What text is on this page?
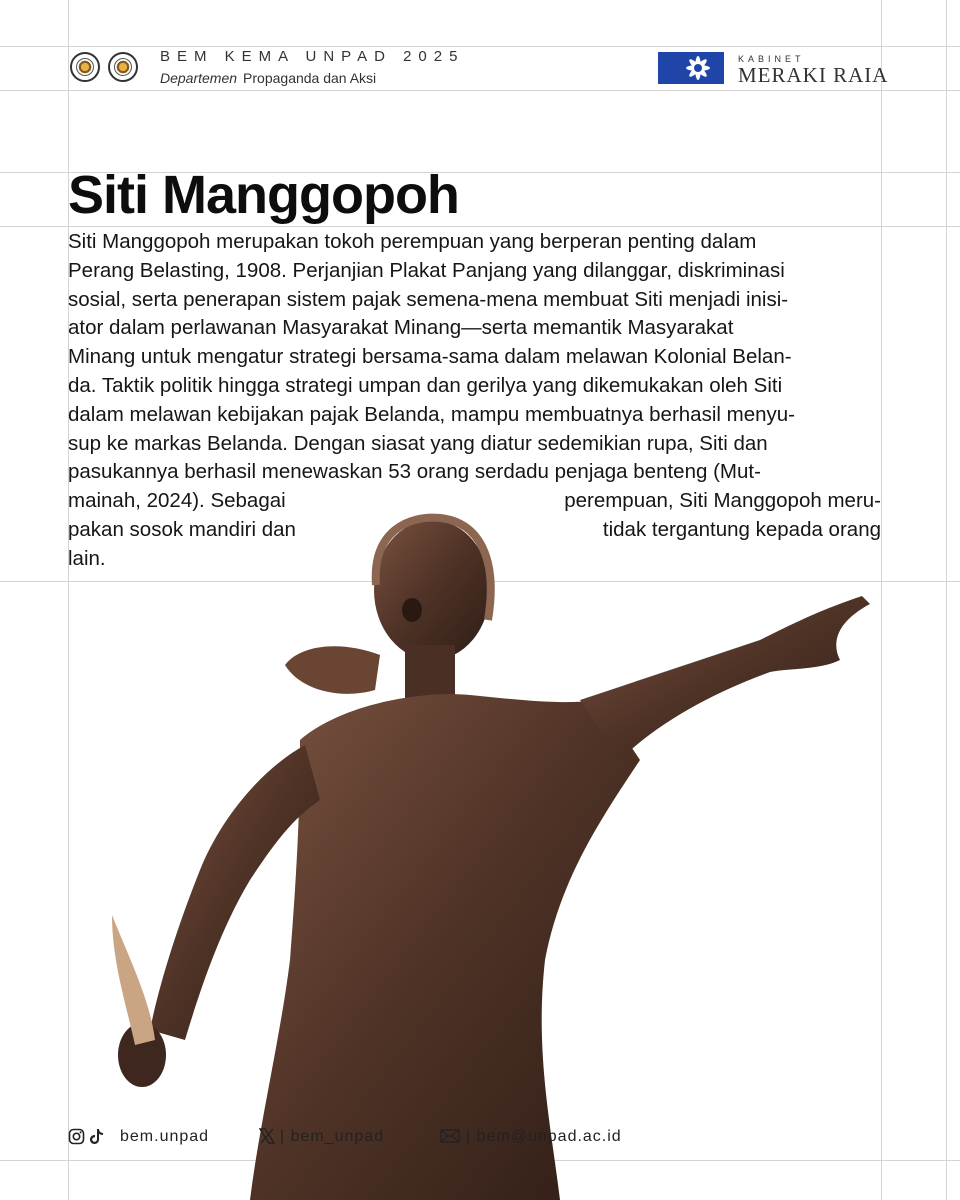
BEM KEMA UNPAD 2025
Departemen Propaganda dan Aksi
KABINET
MERAKI RAIA
Siti Manggopoh
Siti Manggopoh merupakan tokoh perempuan yang berperan penting dalam
Perang Belasting, 1908. Perjanjian Plakat Panjang yang dilanggar, diskriminasi
sosial, serta penerapan sistem pajak semena-mena membuat Siti menjadi inisi-
ator dalam perlawanan Masyarakat Minang—serta memantik Masyarakat
Minang untuk mengatur strategi bersama-sama dalam melawan Kolonial Belan-
da. Taktik politik hingga strategi umpan dan gerilya yang dikemukakan oleh Siti
dalam melawan kebijakan pajak Belanda, mampu membuatnya berhasil menyu-
sup ke markas Belanda. Dengan siasat yang diatur sedemikian rupa, Siti dan
pasukannya berhasil menewaskan 53 orang serdadu penjaga benteng (Mut-
mainah, 2024). Sebagai	perempuan, Siti Manggopoh meru-
pakan sosok mandiri dan	tidak tergantung kepada orang
lain.
bem.unpad	| bem_unpad	| bem@unpad.ac.id
